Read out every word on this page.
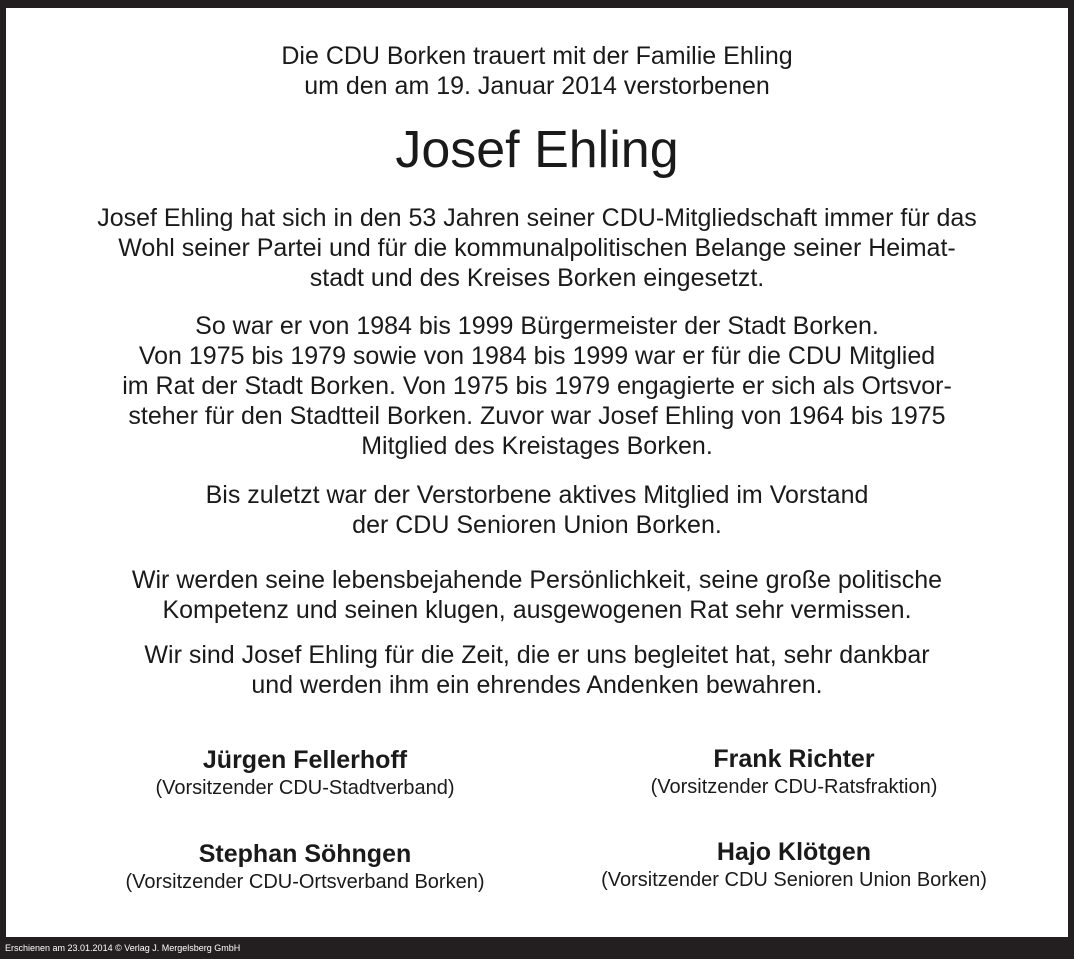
Die CDU Borken trauert mit der Familie Ehling
um den am 19. Januar 2014 verstorbenen
Josef Ehling
Josef Ehling hat sich in den 53 Jahren seiner CDU-Mitgliedschaft immer für das
Wohl seiner Partei und für die kommunalpolitischen Belange seiner Heimat-
stadt und des Kreises Borken eingesetzt.
So war er von 1984 bis 1999 Bürgermeister der Stadt Borken.
Von 1975 bis 1979 sowie von 1984 bis 1999 war er für die CDU Mitglied
im Rat der Stadt Borken. Von 1975 bis 1979 engagierte er sich als Ortsvor-
steher für den Stadtteil Borken. Zuvor war Josef Ehling von 1964 bis 1975
Mitglied des Kreistages Borken.
Bis zuletzt war der Verstorbene aktives Mitglied im Vorstand
der CDU Senioren Union Borken.
Wir werden seine lebensbejahende Persönlichkeit, seine große politische
Kompetenz und seinen klugen, ausgewogenen Rat sehr vermissen.
Wir sind Josef Ehling für die Zeit, die er uns begleitet hat, sehr dankbar
und werden ihm ein ehrendes Andenken bewahren.
Jürgen Fellerhoff
(Vorsitzender CDU-Stadtverband)
Frank Richter
(Vorsitzender CDU-Ratsfraktion)
Stephan Söhngen
(Vorsitzender CDU-Ortsverband Borken)
Hajo Klötgen
(Vorsitzender CDU Senioren Union Borken)
Erschienen am 23.01.2014 © Verlag J. Mergelsberg GmbH
